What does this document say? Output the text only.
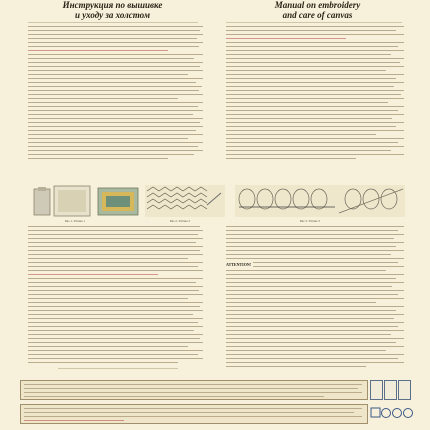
Инструкция по вышивке
и уходу за холстом
Manual on embroidery
and care of canvas
Рис.1 / Picture 1	Рис.2 / Picture 2	Рис.3 / Picture 3
ATTENTION!
